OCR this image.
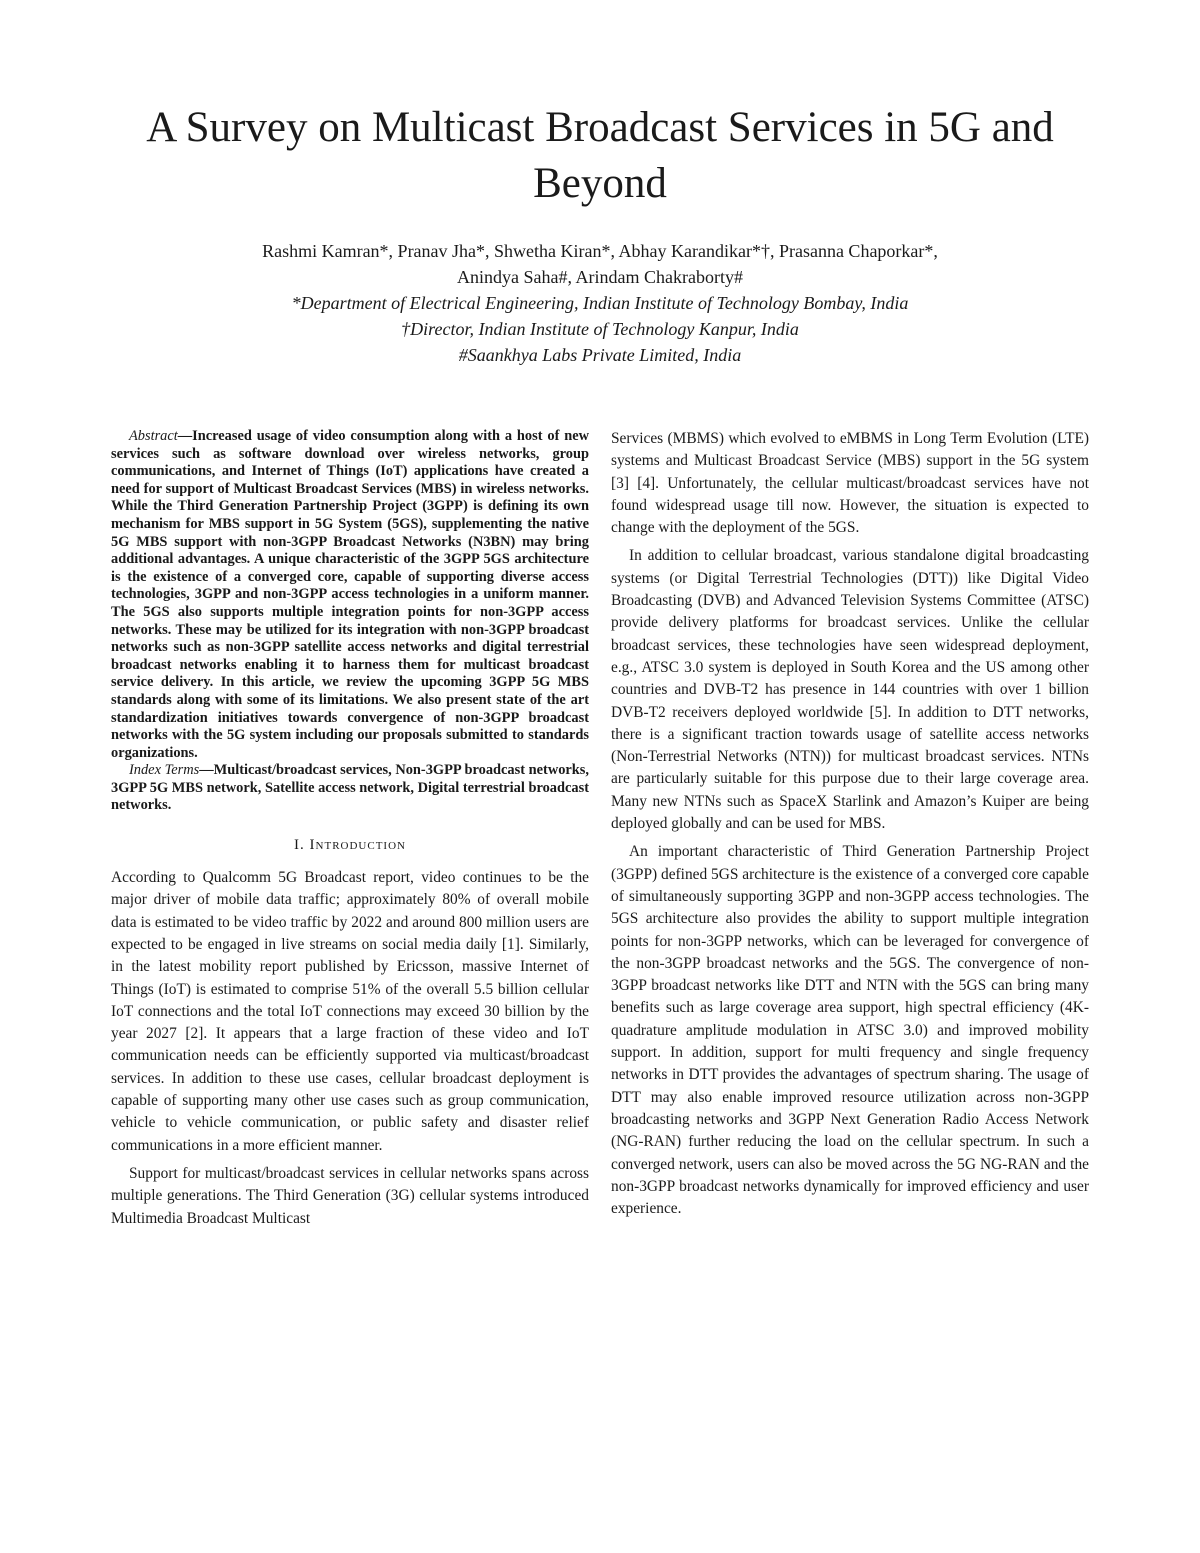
A Survey on Multicast Broadcast Services in 5G and Beyond
Rashmi Kamran*, Pranav Jha*, Shwetha Kiran*, Abhay Karandikar*†, Prasanna Chaporkar*,
Anindya Saha#, Arindam Chakraborty#
*Department of Electrical Engineering, Indian Institute of Technology Bombay, India
†Director, Indian Institute of Technology Kanpur, India
#Saankhya Labs Private Limited, India

Abstract—Increased usage of video consumption along with a host of new services such as software download over wireless networks, group communications, and Internet of Things (IoT) applications have created a need for support of Multicast Broadcast Services (MBS) in wireless networks. While the Third Generation Partnership Project (3GPP) is defining its own mechanism for MBS support in 5G System (5GS), supplementing the native 5G MBS support with non-3GPP Broadcast Networks (N3BN) may bring additional advantages. A unique characteristic of the 3GPP 5GS architecture is the existence of a converged core, capable of supporting diverse access technologies, 3GPP and non-3GPP access technologies in a uniform manner. The 5GS also supports multiple integration points for non-3GPP access networks. These may be utilized for its integration with non-3GPP broadcast networks such as non-3GPP satellite access networks and digital terrestrial broadcast networks enabling it to harness them for multicast broadcast service delivery. In this article, we review the upcoming 3GPP 5G MBS standards along with some of its limitations. We also present state of the art standardization initiatives towards convergence of non-3GPP broadcast networks with the 5G system including our proposals submitted to standards organizations.

Index Terms—Multicast/broadcast services, Non-3GPP broadcast networks, 3GPP 5G MBS network, Satellite access network, Digital terrestrial broadcast networks.

I. Introduction

According to Qualcomm 5G Broadcast report, video continues to be the major driver of mobile data traffic; approximately 80% of overall mobile data is estimated to be video traffic by 2022 and around 800 million users are expected to be engaged in live streams on social media daily [1]. Similarly, in the latest mobility report published by Ericsson, massive Internet of Things (IoT) is estimated to comprise 51% of the overall 5.5 billion cellular IoT connections and the total IoT connections may exceed 30 billion by the year 2027 [2]. It appears that a large fraction of these video and IoT communication needs can be efficiently supported via multicast/broadcast services. In addition to these use cases, cellular broadcast deployment is capable of supporting many other use cases such as group communication, vehicle to vehicle communication, or public safety and disaster relief communications in a more efficient manner.

Support for multicast/broadcast services in cellular networks spans across multiple generations. The Third Generation (3G) cellular systems introduced Multimedia Broadcast Multicast

Services (MBMS) which evolved to eMBMS in Long Term Evolution (LTE) systems and Multicast Broadcast Service (MBS) support in the 5G system [3] [4]. Unfortunately, the cellular multicast/broadcast services have not found widespread usage till now. However, the situation is expected to change with the deployment of the 5GS.

In addition to cellular broadcast, various standalone digital broadcasting systems (or Digital Terrestrial Technologies (DTT)) like Digital Video Broadcasting (DVB) and Advanced Television Systems Committee (ATSC) provide delivery platforms for broadcast services. Unlike the cellular broadcast services, these technologies have seen widespread deployment, e.g., ATSC 3.0 system is deployed in South Korea and the US among other countries and DVB-T2 has presence in 144 countries with over 1 billion DVB-T2 receivers deployed worldwide [5]. In addition to DTT networks, there is a significant traction towards usage of satellite access networks (Non-Terrestrial Networks (NTN)) for multicast broadcast services. NTNs are particularly suitable for this purpose due to their large coverage area. Many new NTNs such as SpaceX Starlink and Amazon’s Kuiper are being deployed globally and can be used for MBS.

An important characteristic of Third Generation Partnership Project (3GPP) defined 5GS architecture is the existence of a converged core capable of simultaneously supporting 3GPP and non-3GPP access technologies. The 5GS architecture also provides the ability to support multiple integration points for non-3GPP networks, which can be leveraged for convergence of the non-3GPP broadcast networks and the 5GS. The convergence of non-3GPP broadcast networks like DTT and NTN with the 5GS can bring many benefits such as large coverage area support, high spectral efficiency (4K-quadrature amplitude modulation in ATSC 3.0) and improved mobility support. In addition, support for multi frequency and single frequency networks in DTT provides the advantages of spectrum sharing. The usage of DTT may also enable improved resource utilization across non-3GPP broadcasting networks and 3GPP Next Generation Radio Access Network (NG-RAN) further reducing the load on the cellular spectrum. In such a converged network, users can also be moved across the 5G NG-RAN and the non-3GPP broadcast networks dynamically for improved efficiency and user experience.
